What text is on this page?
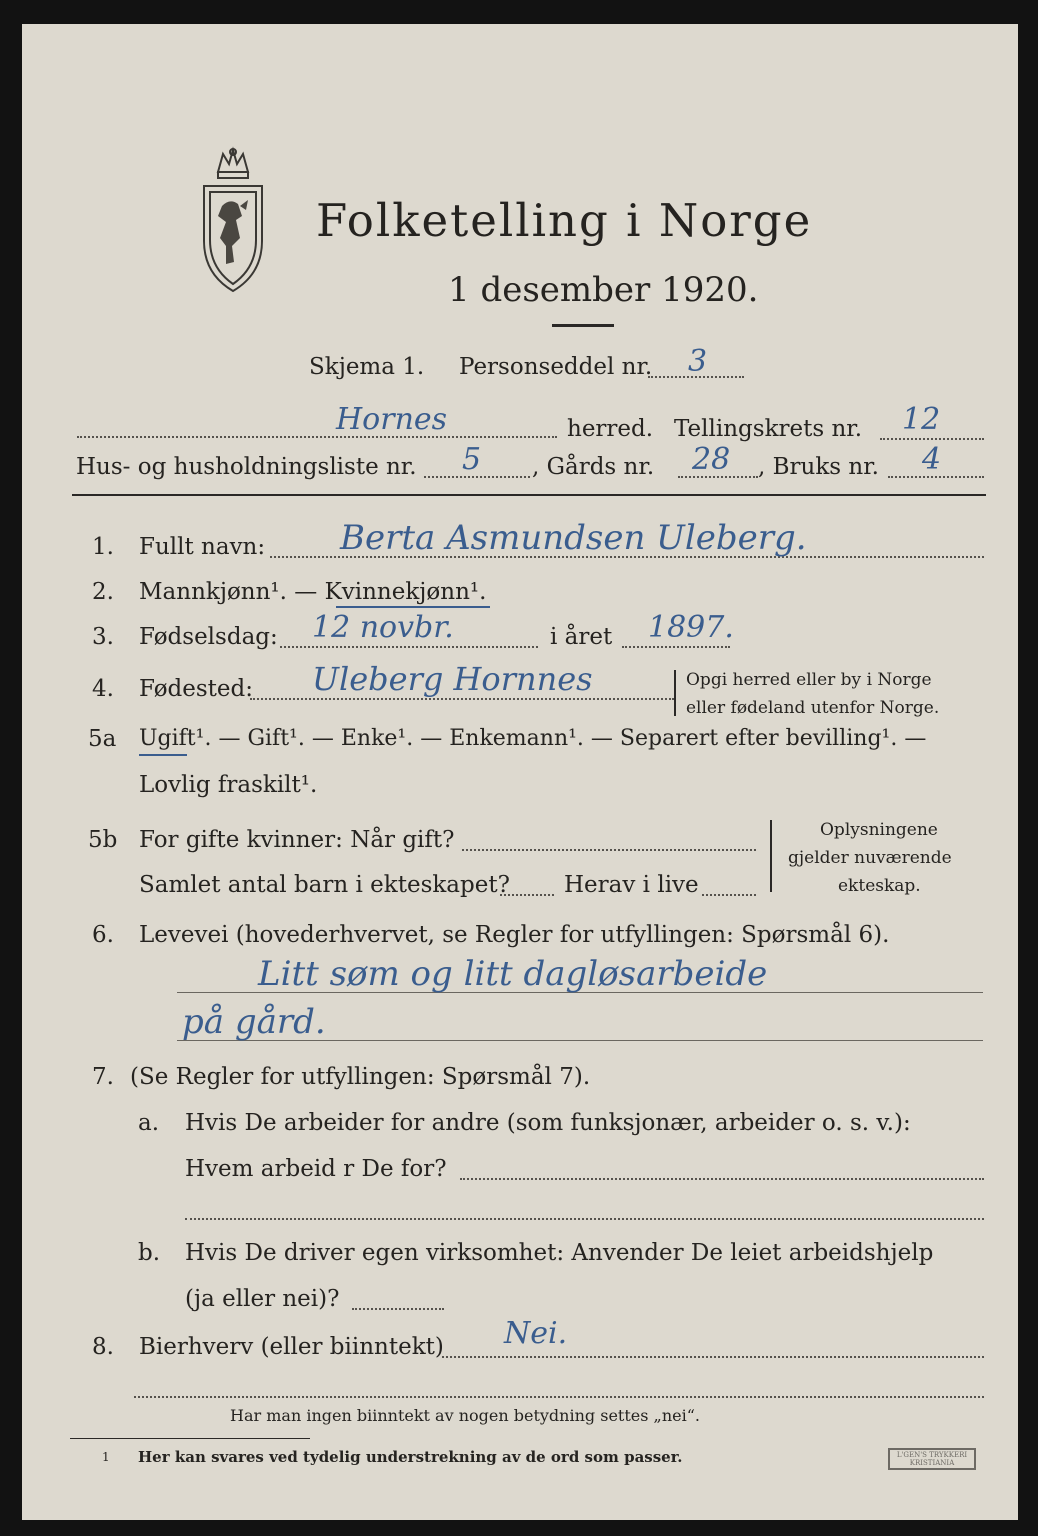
Folketelling i Norge
1 desember 1920.
Skjema 1. Personseddel nr. 3
Hornes	herred. Tellingskrets nr. 12
Hus- og husholdningsliste nr. 5 , Gårds nr. 28 , Bruks nr. 4
1. Fullt navn: Berta Asmundsen Uleberg.
2. Mannkjønn¹. — Kvinnekjønn¹.
3. Fødselsdag: 12 novbr.	i året 1897.
4. Fødested: Uleberg Hornnes	Opgi herred eller by i Norge
eller fødeland utenfor Norge.
5a Ugift¹. — Gift¹. — Enke¹. — Enkemann¹. — Separert efter bevilling¹. —
Lovlig fraskilt¹.
5b For gifte kvinner: Når gift?
Samlet antal barn i ekteskapet? Herav i live
Oplysningene
gjelder nuværende
ekteskap.
6. Levevei (hovederhvervet, se Regler for utfyllingen: Spørsmål 6).
Litt søm og litt dagløsarbeide
på gård.
7. (Se Regler for utfyllingen: Spørsmål 7).
a. Hvis De arbeider for andre (som funksjonær, arbeider o. s. v.):
Hvem arbeid r De for?
b. Hvis De driver egen virksomhet: Anvender De leiet arbeidshjelp
(ja eller nei)?
8. Bierhverv (eller biinntekt) Nei.
Har man ingen biinntekt av nogen betydning settes „nei“.
1 Her kan svares ved tydelig understrekning av de ord som passer.	L'GEN'S TRYKKERI
KRISTIANIA
